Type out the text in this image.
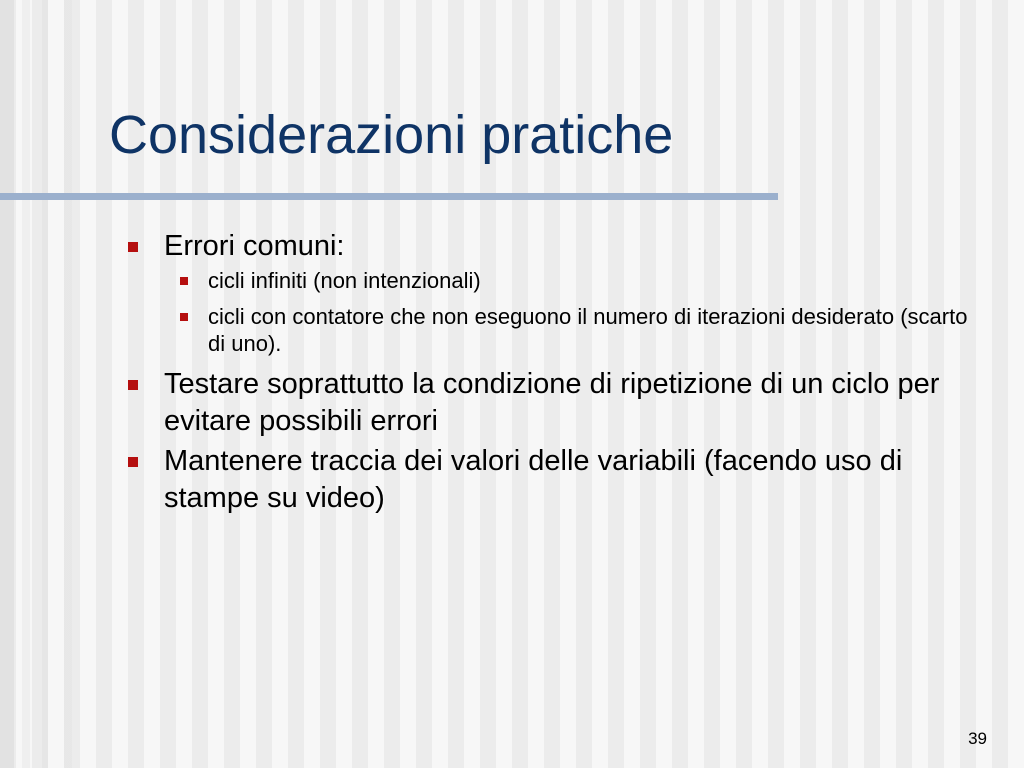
Considerazioni pratiche
Errori comuni:
cicli infiniti (non intenzionali)
cicli con contatore che non eseguono il numero di iterazioni desiderato (scarto di uno).
Testare soprattutto la condizione di ripetizione di un ciclo per evitare possibili errori
Mantenere traccia dei valori delle variabili (facendo uso di stampe su video)
39
